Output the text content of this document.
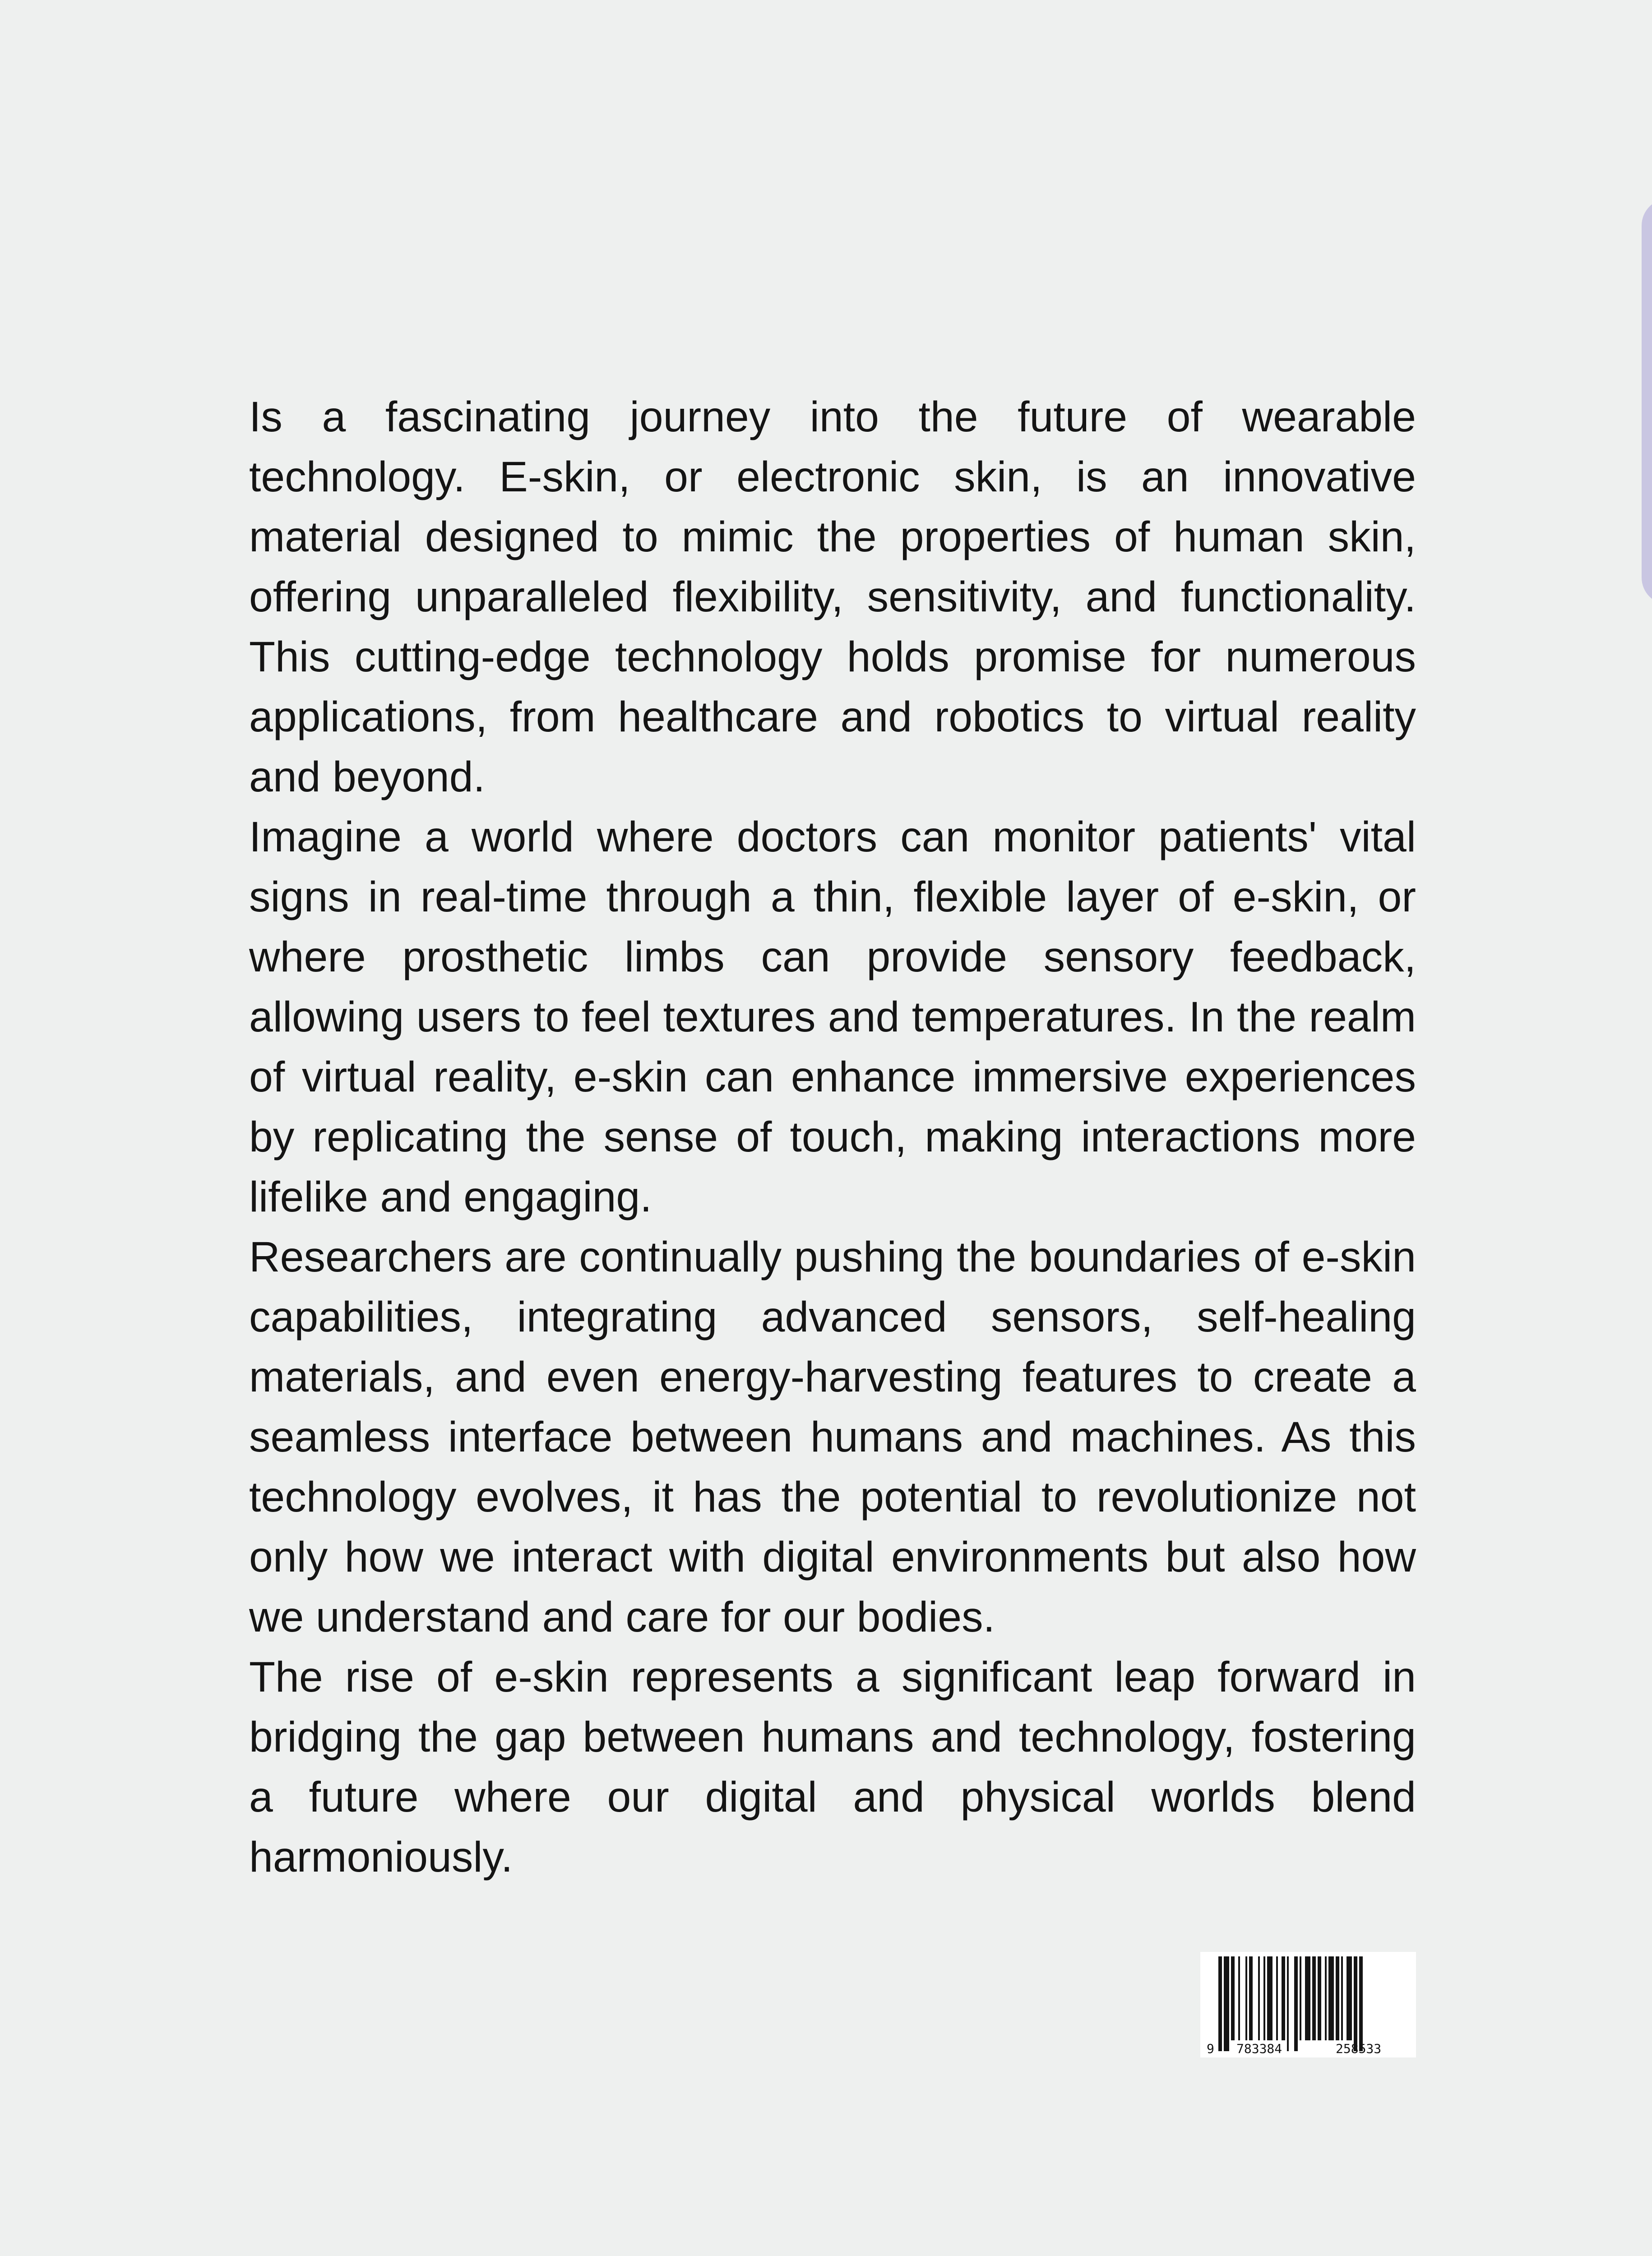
Is a fascinating journey into the future of wearable technology. E-skin, or electronic skin, is an innovative material designed to mimic the properties of human skin, offering unparalleled flexibility, sensitivity, and functionality. This cutting-edge technology holds promise for numerous applications, from healthcare and robotics to virtual reality and beyond.

Imagine a world where doctors can monitor patients' vital signs in real-time through a thin, flexible layer of e-skin, or where prosthetic limbs can provide sensory feedback, allowing users to feel textures and temperatures. In the realm of virtual reality, e-skin can enhance immersive experiences by replicating the sense of touch, making interactions more lifelike and engaging.

Researchers are continually pushing the boundaries of e-skin capabilities, integrating advanced sensors, self-healing materials, and even energy-harvesting features to create a seamless interface between humans and machines. As this technology evolves, it has the potential to revolutionize not only how we interact with digital environments but also how we understand and care for our bodies.

The rise of e-skin represents a significant leap forward in bridging the gap between humans and technology, fostering a future where our digital and physical worlds blend harmoniously.

9 783384	258533
